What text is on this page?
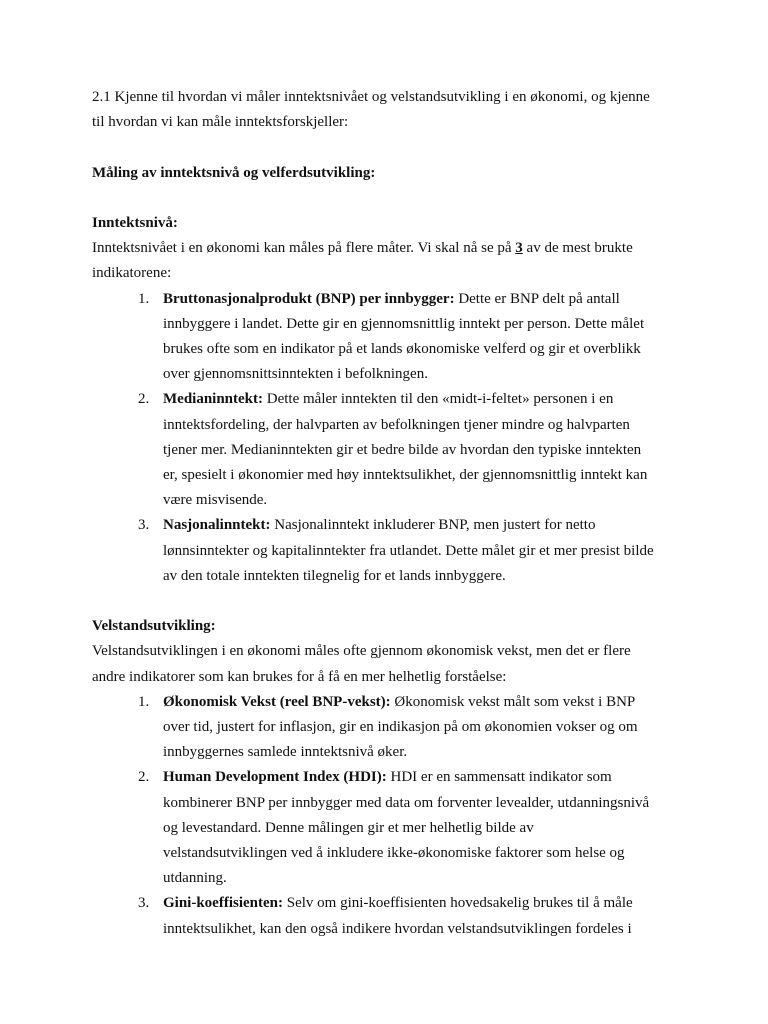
2.1 Kjenne til hvordan vi måler inntektsnivået og velstandsutvikling i en økonomi, og kjenne

til hvordan vi kan måle inntektsforskjeller:

Måling av inntektsnivå og velferdsutvikling:

Inntektsnivå:

Inntektsnivået i en økonomi kan måles på flere måter. Vi skal nå se på 3 av de mest brukte

indikatorene:

1. Bruttonasjonalprodukt (BNP) per innbygger: Dette er BNP delt på antall

innbyggere i landet. Dette gir en gjennomsnittlig inntekt per person. Dette målet

brukes ofte som en indikator på et lands økonomiske velferd og gir et overblikk

over gjennomsnittsinntekten i befolkningen.

2. Medianinntekt: Dette måler inntekten til den «midt-i-feltet» personen i en

inntektsfordeling, der halvparten av befolkningen tjener mindre og halvparten

tjener mer. Medianinntekten gir et bedre bilde av hvordan den typiske inntekten

er, spesielt i økonomier med høy inntektsulikhet, der gjennomsnittlig inntekt kan

være misvisende.

3. Nasjonalinntekt: Nasjonalinntekt inkluderer BNP, men justert for netto

lønnsinntekter og kapitalinntekter fra utlandet. Dette målet gir et mer presist bilde

av den totale inntekten tilegnelig for et lands innbyggere.

Velstandsutvikling:

Velstandsutviklingen i en økonomi måles ofte gjennom økonomisk vekst, men det er flere

andre indikatorer som kan brukes for å få en mer helhetlig forståelse:

1. Økonomisk Vekst (reel BNP-vekst): Økonomisk vekst målt som vekst i BNP

over tid, justert for inflasjon, gir en indikasjon på om økonomien vokser og om

innbyggernes samlede inntektsnivå øker.

2. Human Development Index (HDI): HDI er en sammensatt indikator som

kombinerer BNP per innbygger med data om forventer levealder, utdanningsnivå

og levestandard. Denne målingen gir et mer helhetlig bilde av

velstandsutviklingen ved å inkludere ikke-økonomiske faktorer som helse og

utdanning.

3. Gini-koeffisienten: Selv om gini-koeffisienten hovedsakelig brukes til å måle

inntektsulikhet, kan den også indikere hvordan velstandsutviklingen fordeles i
